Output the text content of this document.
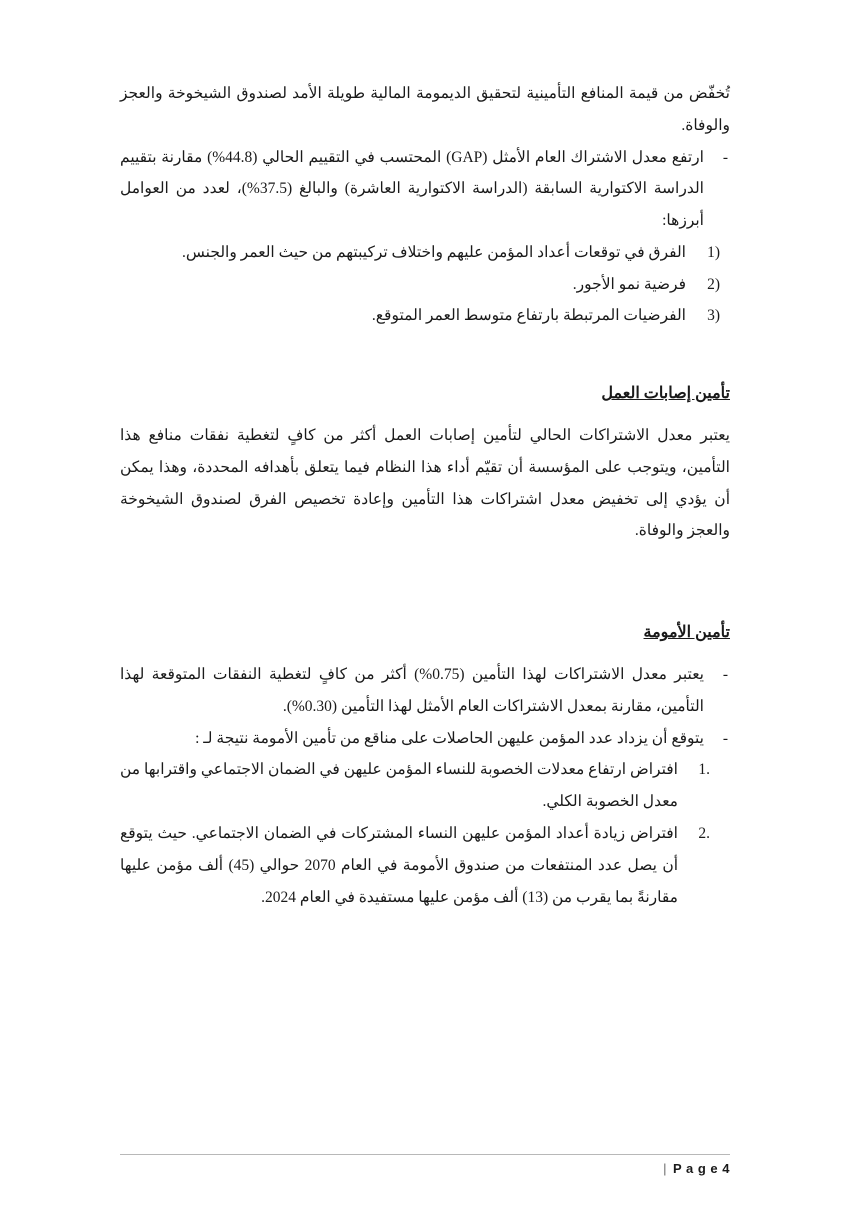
تُخفّض من قيمة المنافع التأمينية لتحقيق الديمومة المالية طويلة الأمد لصندوق الشيخوخة والعجز والوفاة.

-
ارتفع معدل الاشتراك العام الأمثل (GAP) المحتسب في التقييم الحالي (44.8%) مقارنة بتقييم الدراسة الاكتوارية السابقة (الدراسة الاكتوارية العاشرة) والبالغ (37.5%)، لعدد من العوامل أبرزها:
1)
الفرق في توقعات أعداد المؤمن عليهم واختلاف تركيبتهم من حيث العمر والجنس.
2)
فرضية نمو الأجور.
3)
الفرضيات المرتبطة بارتفاع متوسط العمر المتوقع.
تأمين إصابات العمل

يعتبر معدل الاشتراكات الحالي لتأمين إصابات العمل أكثر من كافٍ لتغطية نفقات منافع هذا التأمين، ويتوجب على المؤسسة أن تقيّم أداء هذا النظام فيما يتعلق بأهدافه المحددة، وهذا يمكن أن يؤدي إلى تخفيض معدل اشتراكات هذا التأمين وإعادة تخصيص الفرق لصندوق الشيخوخة والعجز والوفاة.

تأمين الأمومة
-
يعتبر معدل الاشتراكات لهذا التأمين (0.75%) أكثر من كافٍ لتغطية النفقات المتوقعة لهذا التأمين، مقارنة بمعدل الاشتراكات العام الأمثل لهذا التأمين (0.30%).
-
يتوقع أن يزداد عدد المؤمن عليهن الحاصلات على مناقع من تأمين الأمومة نتيجة لـ :
1.
افتراض ارتفاع معدلات الخصوبة للنساء المؤمن عليهن في الضمان الاجتماعي واقترابها من معدل الخصوبة الكلي.
2.
افتراض زيادة أعداد المؤمن عليهن النساء المشتركات في الضمان الاجتماعي. حيث يتوقع أن يصل عدد المنتفعات من صندوق الأمومة في العام 2070 حوالي (45) ألف مؤمن عليها مقارنةً بما يقرب من (13) ألف مؤمن عليها مستفيدة في العام 2024.
| P a g e 4
